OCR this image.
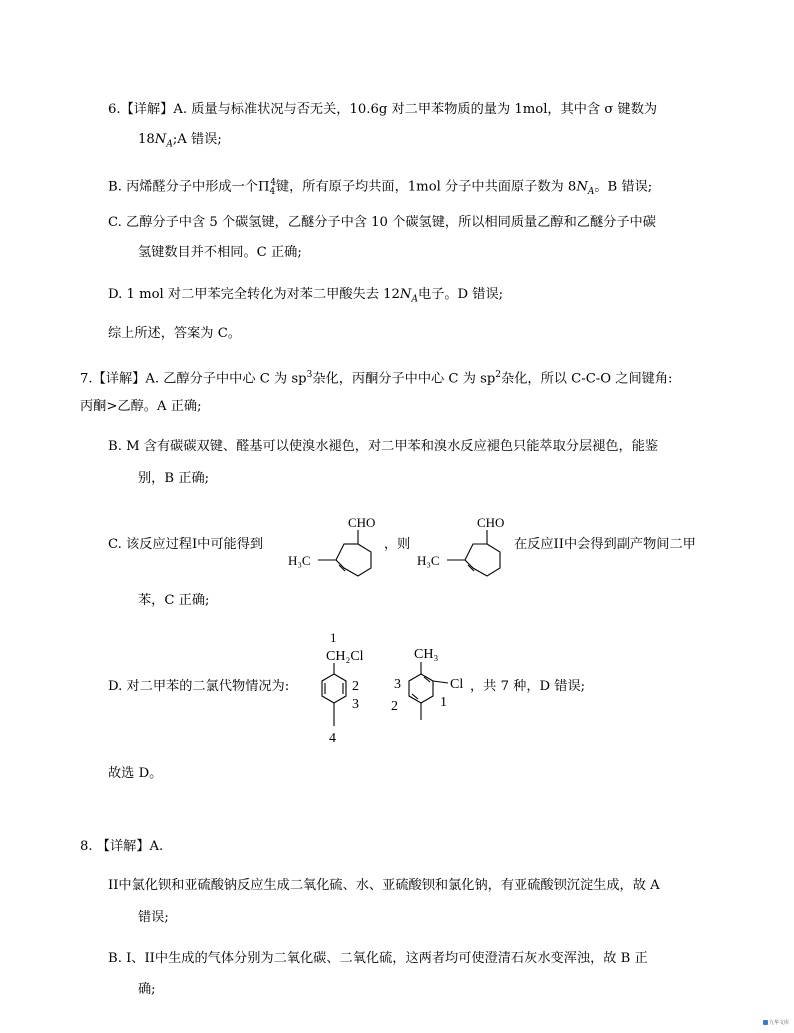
6.【详解】A. 质量与标准状况与否无关，10.6g 对二甲苯物质的量为 1mol，其中含 σ 键数为
$18N_A;A$ 错误;
B. 丙烯醛分子中形成一个$\Pi_4^4$键，所有原子均共面，1mol 分子中共面原子数为 $8N_A$。B 错误;
C. 乙醇分子中含 5 个碳氢键，乙醚分子中含 10 个碳氢键，所以相同质量乙醇和乙醚分子中碳
氢键数目并不相同。C 正确;
D. 1 mol 对二甲苯完全转化为对苯二甲酸失去 $12N_A$电子。D 错误;
综上所述，答案为 C。
7.【详解】A. 乙醇分子中中心 C 为 $sp^3$杂化，丙酮分子中中心 C 为 $sp^2$杂化，所以 C-C-O 之间键角:
丙酮>乙醇。A 正确;
B. M 含有碳碳双键、醛基可以使溴水褪色，对二甲苯和溴水反应褪色只能萃取分层褪色，能鉴
别，B 正确;
C. 该反应过程I中可能得到
CHO
H₃C
，则
CHO
H₃C
在反应II中会得到副产物间二甲
苯，C 正确;
D. 对二甲苯的二氯代物情况为:
1
CH₂Cl
2
3
4
CH₃
Cl
1
2
3	，共 7 种，D 错误;
故选 D。
8. 【详解】A.
II中氯化钡和亚硫酸钠反应生成二氧化硫、水、亚硫酸钡和氯化钠，有亚硫酸钡沉淀生成，故 A
错误;
B. I、II中生成的气体分别为二氧化碳、二氧化硫，这两者均可使澄清石灰水变浑浊，故 B 正
确;
九华文库
